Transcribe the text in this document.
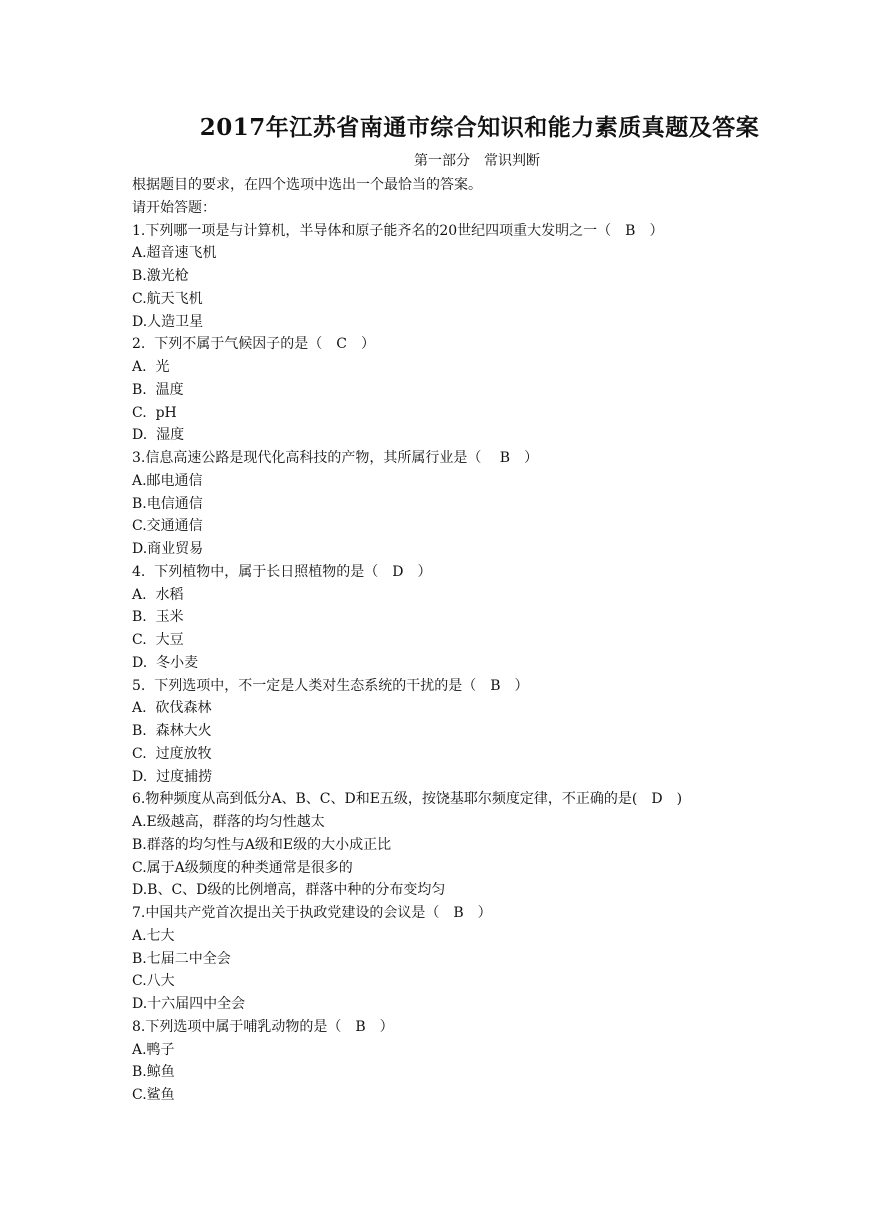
2017年江苏省南通市综合知识和能力素质真题及答案
第一部分　常识判断
根据题目的要求，在四个选项中选出一个最恰当的答案。
请开始答题：
1.下列哪一项是与计算机，半导体和原子能齐名的20世纪四项重大发明之一（　B　）
A.超音速飞机
B.激光枪
C.航天飞机
D.人造卫星
2.  下列不属于气候因子的是（　C　）
A.  光
B.  温度
C.  pH
D.  湿度
3.信息高速公路是现代化高科技的产物，其所属行业是（　 B　）
A.邮电通信
B.电信通信
C.交通通信
D.商业贸易
4.  下列植物中，属于长日照植物的是（　D　）
A.  水稻
B.  玉米
C.  大豆
D.  冬小麦
5.  下列选项中，不一定是人类对生态系统的干扰的是（　B　）
A.  砍伐森林
B.  森林大火
C.  过度放牧
D.  过度捕捞
6.物种频度从高到低分A、B、C、D和E五级，按饶基耶尔频度定律，不正确的是(　D　)
A.E级越高，群落的均匀性越太
B.群落的均匀性与A级和E级的大小成正比
C.属于A级频度的种类通常是很多的
D.B、C、D级的比例增高，群落中种的分布变均匀
7.中国共产党首次提出关于执政党建设的会议是（　B　）
A.七大
B.七届二中全会
C.八大
D.十六届四中全会
8.下列选项中属于哺乳动物的是（　B　）
A.鸭子
B.鲸鱼
C.鲨鱼
